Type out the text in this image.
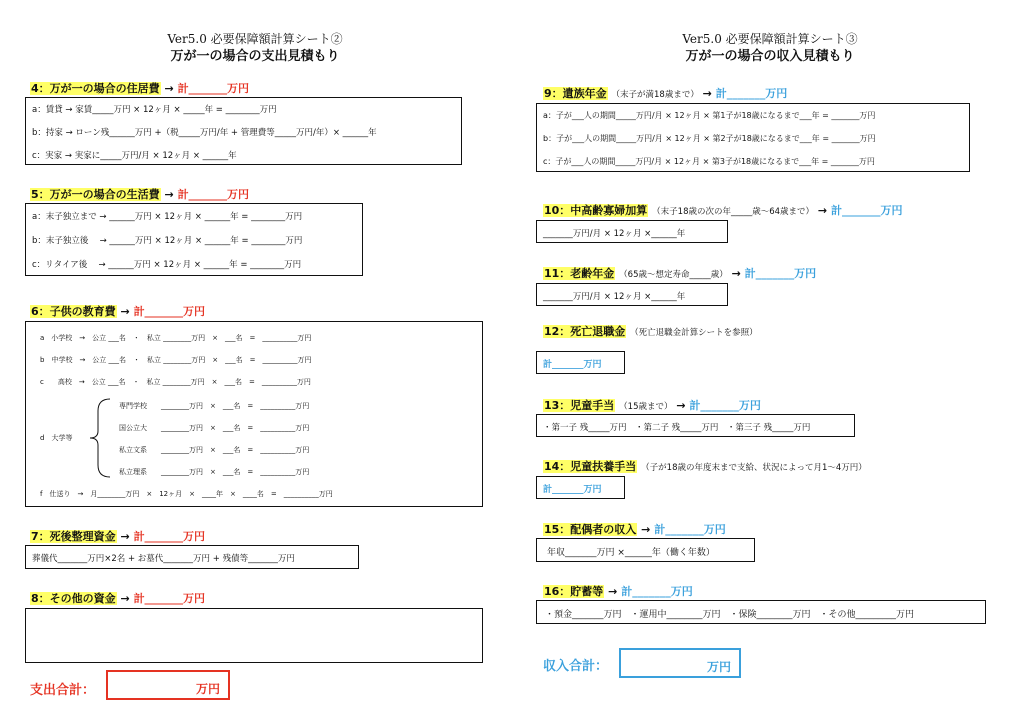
Ver5.0 必要保障額計算シート②
万が一の場合の支出見積もり
4：万が一の場合の住居費 → 計_______万円
a：賃貸 → 家賃_____万円 × 12ヶ月 × _____年 = ________万円
b：持家 → ローン残______万円 +（税_____万円/年 + 管理費等_____万円/年）× ______年
c：実家 → 実家に_____万円/月 × 12ヶ月 × ______年
5：万が一の場合の生活費 → 計_______万円
a：末子独立まで → ______万円 × 12ヶ月 × ______年 = ________万円
b：末子独立後 　→ ______万円 × 12ヶ月 × ______年 = ________万円
c：リタイア後 　→ ______万円 × 12ヶ月 × ______年 = ________万円
6：子供の教育費 → 計_______万円
a　小学校　→　公立 ___名　・　私立 ________万円　×　___名　=　__________万円
b　中学校　→　公立 ___名　・　私立 ________万円　×　___名　=　__________万円
c　　高校　→　公立 ___名　・　私立 ________万円　×　___名　=　__________万円
d　大学等
専門学校　　________万円　×　___名　=　__________万円
国公立大　　________万円　×　___名　=　__________万円
私立文系　　________万円　×　___名　=　__________万円
私立理系　　________万円　×　___名　=　__________万円
f　仕送り　→　月________万円　×　12ヶ月　×　____年　×　____名　=　__________万円
7：死後整理資金 → 計_______万円
葬儀代_______万円×2名 + お墓代_______万円 + 残債等_______万円
8：その他の資金 → 計_______万円
支出合計：	万円
Ver5.0 必要保障額計算シート③
万が一の場合の収入見積もり
9：遺族年金 （末子が満18歳まで） → 計_______万円
a：子が___人の期間_____万円/月 × 12ヶ月 × 第1子が18歳になるまで___年 = _______万円
b：子が___人の期間_____万円/月 × 12ヶ月 × 第2子が18歳になるまで___年 = _______万円
c：子が___人の期間_____万円/月 × 12ヶ月 × 第3子が18歳になるまで___年 = _______万円
10：中高齢寡婦加算 （末子18歳の次の年_____歳〜64歳まで） → 計_______万円
_______万円/月 × 12ヶ月 ×______年
11：老齢年金 （65歳〜想定寿命_____歳） → 計_______万円
_______万円/月 × 12ヶ月 ×______年
12：死亡退職金 （死亡退職金計算シートを参照）
計_______万円
13：児童手当 （15歳まで） → 計_______万円
・第一子 残_____万円　・第二子 残_____万円　・第三子 残_____万円
14：児童扶養手当 （子が18歳の年度末まで支給、状況によって月1〜4万円）
計_______万円
15：配偶者の収入 → 計_______万円
年収_______万円 ×______年（働く年数）
16：貯蓄等 → 計_______万円
・預金_______万円　・運用中________万円　・保険________万円　・その他_________万円
収入合計：	万円
